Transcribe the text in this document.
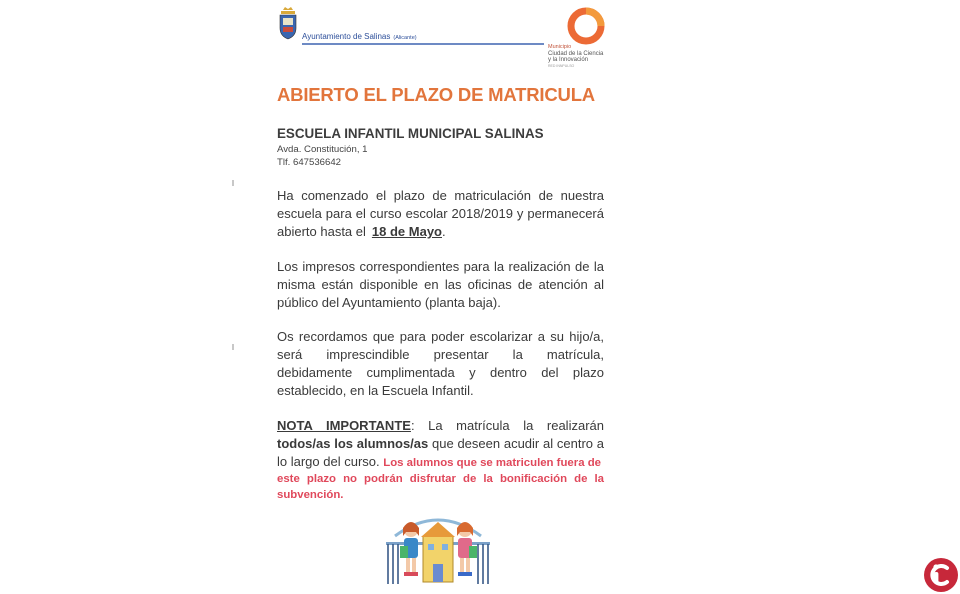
Ayuntamiento de Salinas (Alicante)
Municipio
Ciudad de la Ciencia
y la Innovación
RED INNPULSO
ABIERTO EL PLAZO DE MATRICULA
ESCUELA INFANTIL MUNICIPAL SALINAS
Avda. Constitución, 1
Tlf. 647536642
Ha comenzado el plazo de matriculación de nuestra
escuela para el curso escolar 2018/2019 y permanecerá
abierto hasta el 18 de Mayo.
Los impresos correspondientes para la realización de la
misma están disponible en las oficinas de atención al
público del Ayuntamiento (planta baja).
Os recordamos que para poder escolarizar a su hijo/a,
será imprescindible presentar la matrícula,
debidamente cumplimentada y dentro del plazo
establecido, en la Escuela Infantil.
NOTA IMPORTANTE: La matrícula la realizarán
todos/as los alumnos/as que deseen acudir al centro a
lo largo del curso. Los alumnos que se matriculen fuera de
este plazo no podrán disfrutar de la bonificación de la
subvención.
